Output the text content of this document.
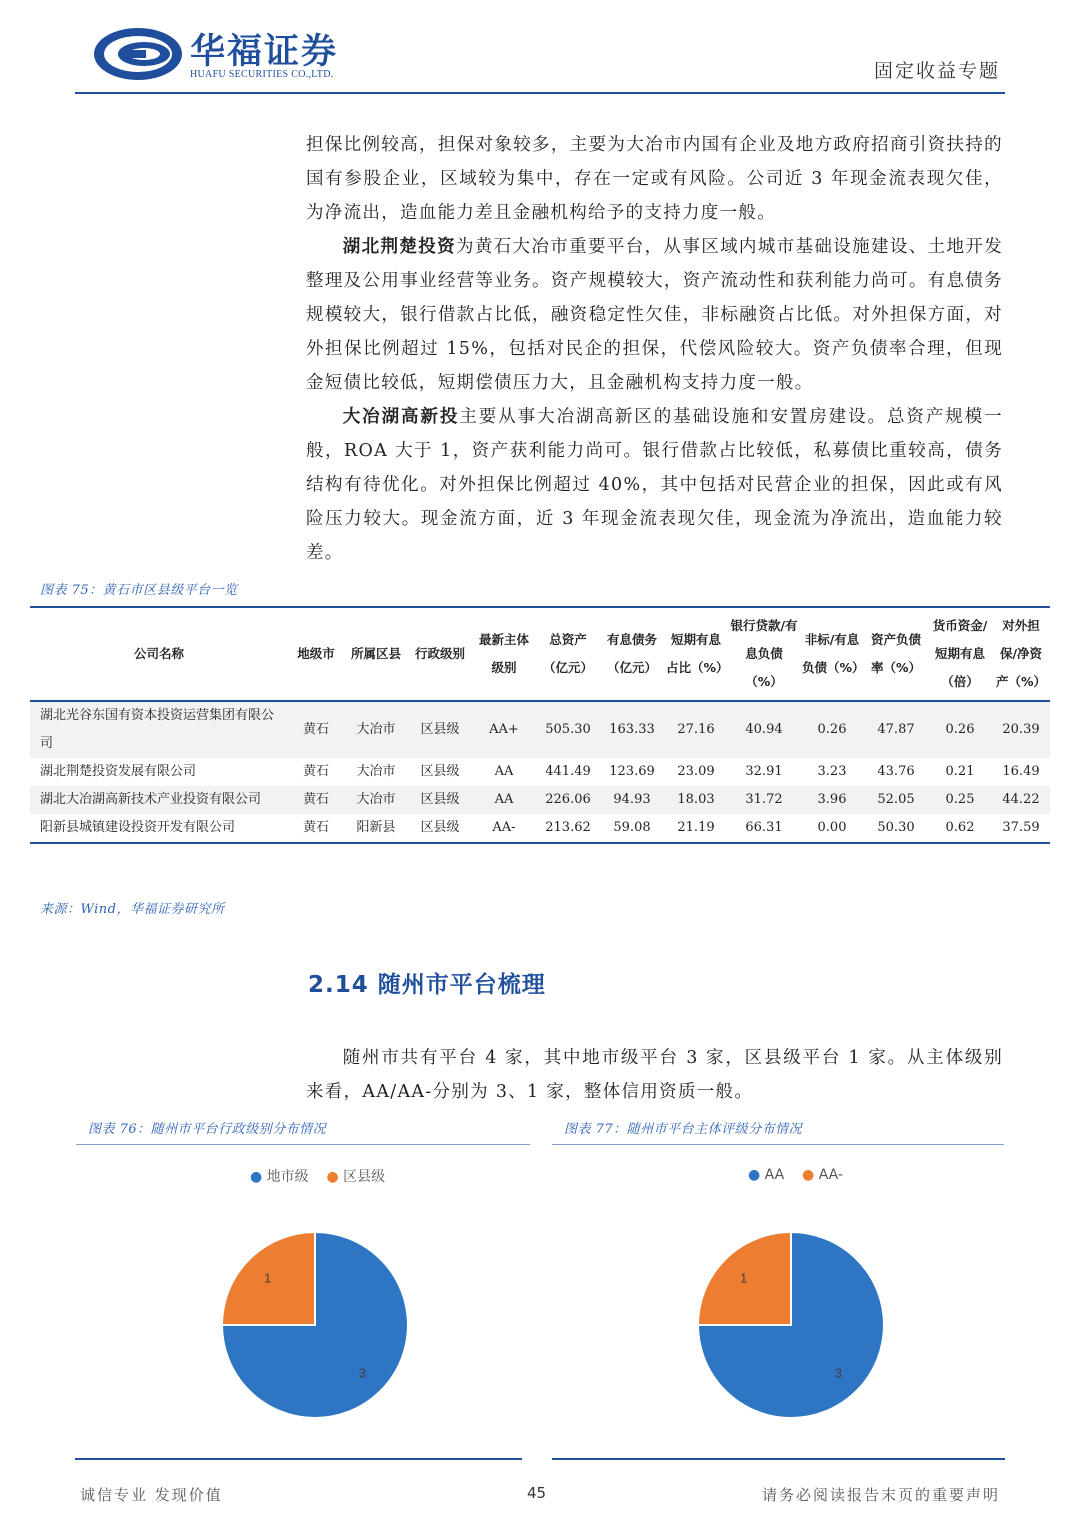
华福证券
HUAFU SECURITIES CO.,LTD.	固定收益专题
担保比例较高，担保对象较多，主要为大冶市内国有企业及地方政府招商引资扶持的国有参股企业，区域较为集中，存在一定或有风险。公司近 3 年现金流表现欠佳，为净流出，造血能力差且金融机构给予的支持力度一般。
湖北荆楚投资为黄石大冶市重要平台，从事区域内城市基础设施建设、土地开发整理及公用事业经营等业务。资产规模较大，资产流动性和获利能力尚可。有息债务规模较大，银行借款占比低，融资稳定性欠佳，非标融资占比低。对外担保方面，对外担保比例超过 15%，包括对民企的担保，代偿风险较大。资产负债率合理，但现金短债比较低，短期偿债压力大，且金融机构支持力度一般。
大冶湖高新投主要从事大冶湖高新区的基础设施和安置房建设。总资产规模一般，ROA 大于 1，资产获利能力尚可。银行借款占比较低，私募债比重较高，债务结构有待优化。对外担保比例超过 40%，其中包括对民营企业的担保，因此或有风险压力较大。现金流方面，近 3 年现金流表现欠佳，现金流为净流出，造血能力较差。
图表 75：黄石市区县级平台一览
公司名称	地级市	所属区县	行政级别	最新主体级别	总资产（亿元）	有息债务（亿元）	短期有息占比（%）	银行贷款/有息负债（%）	非标/有息负债（%）	资产负债率（%）	货币资金/短期有息（倍）	对外担保/净资产（%）
湖北光谷东国有资本投资运营集团有限公司	黄石	大冶市	区县级	AA+	505.30	163.33	27.16	40.94	0.26	47.87	0.26	20.39
湖北荆楚投资发展有限公司	黄石	大冶市	区县级	AA	441.49	123.69	23.09	32.91	3.23	43.76	0.21	16.49
湖北大冶湖高新技术产业投资有限公司	黄石	大冶市	区县级	AA	226.06	94.93	18.03	31.72	3.96	52.05	0.25	44.22
阳新县城镇建设投资开发有限公司	黄石	阳新县	区县级	AA-	213.62	59.08	21.19	66.31	0.00	50.30	0.62	37.59
来源：Wind，华福证券研究所
2.14 随州市平台梳理
随州市共有平台 4 家，其中地市级平台 3 家，区县级平台 1 家。从主体级别来看，AA/AA-分别为 3、1 家，整体信用资质一般。
图表 76：随州市平台行政级别分布情况
● 地市级 ● 区县级
3
1
图表 77：随州市平台主体评级分布情况
● AA ● AA-
3
1
诚信专业 发现价值	45	请务必阅读报告末页的重要声明
